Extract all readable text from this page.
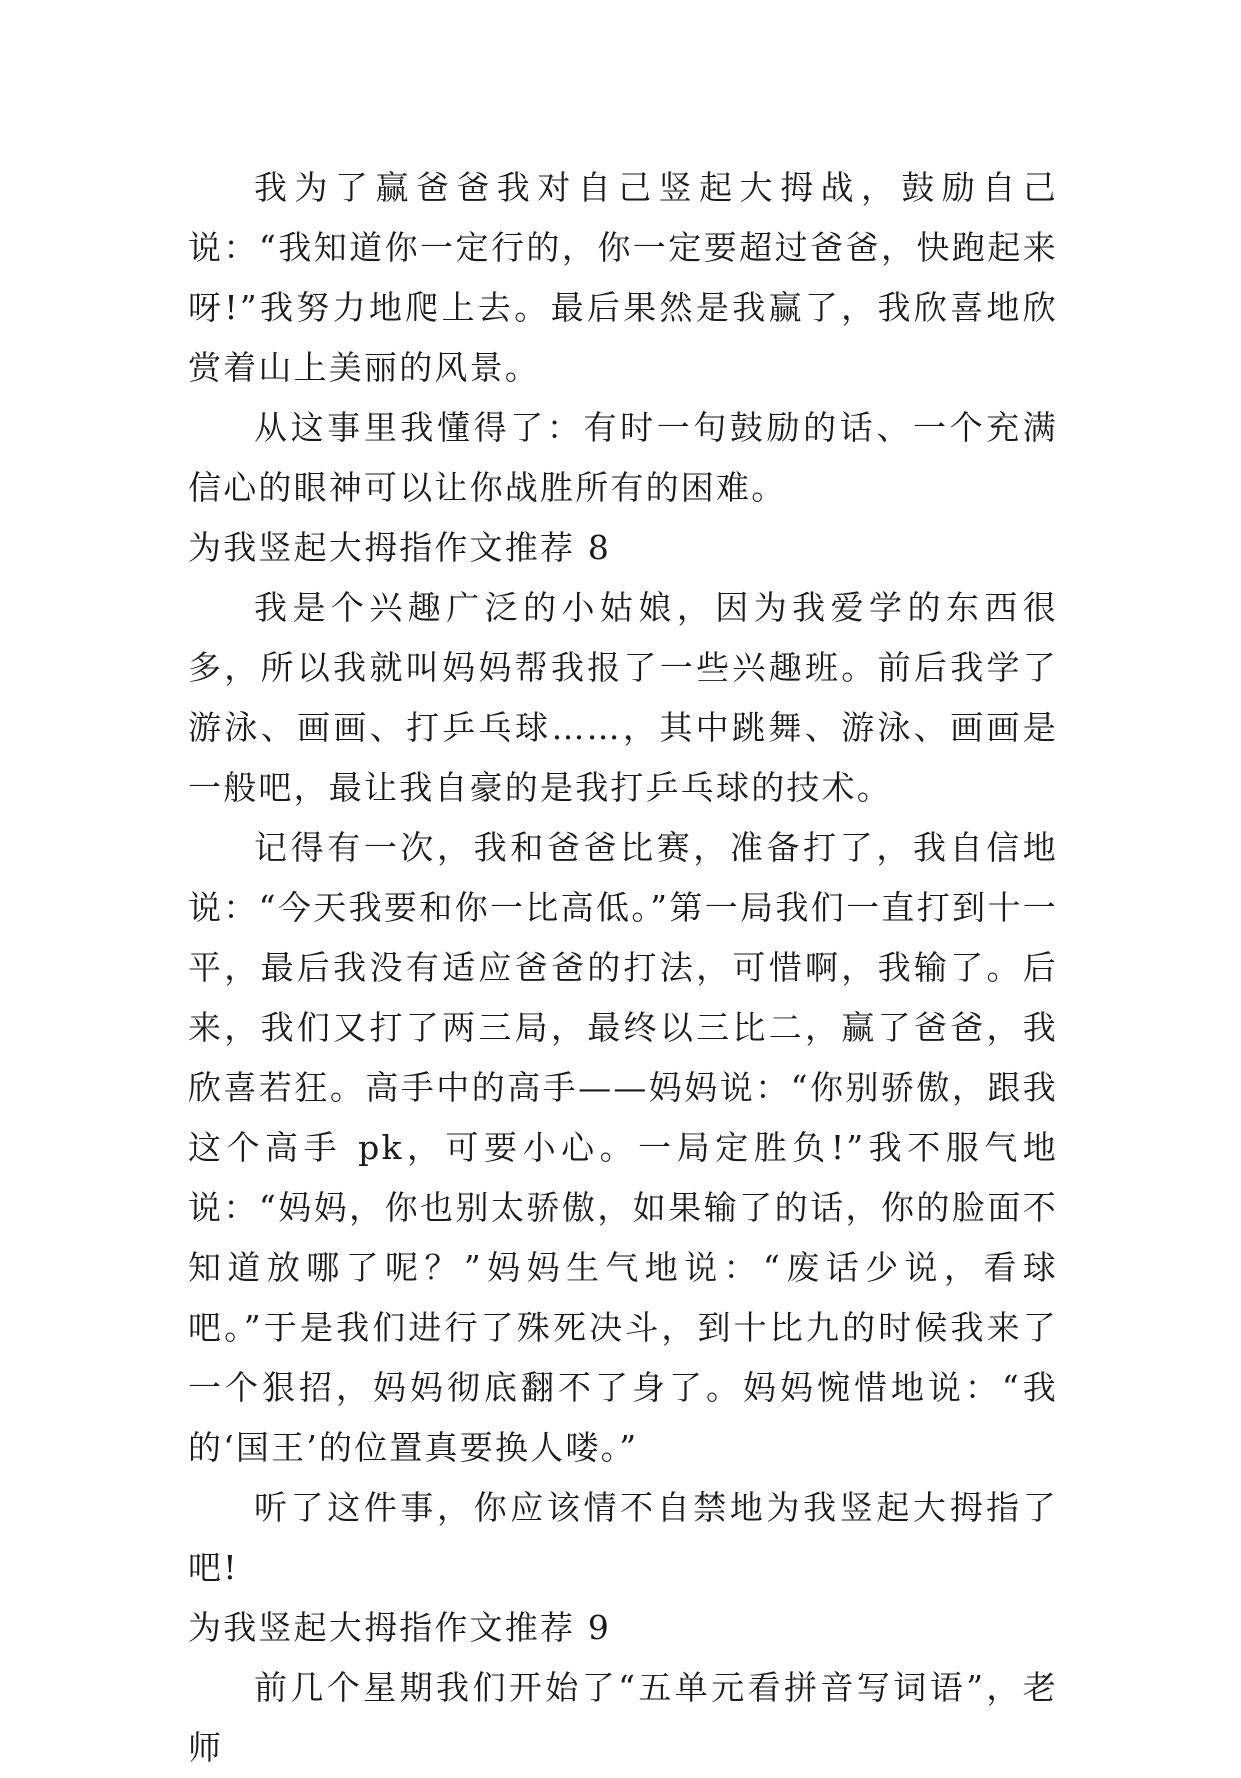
我为了赢爸爸我对自己竖起大拇战，鼓励自己说：“我知道你一定行的，你一定要超过爸爸，快跑起来呀!”我努力地爬上去。最后果然是我赢了，我欣喜地欣赏着山上美丽的风景。

从这事里我懂得了：有时一句鼓励的话、一个充满信心的眼神可以让你战胜所有的困难。

为我竖起大拇指作文推荐 8

我是个兴趣广泛的小姑娘，因为我爱学的东西很多，所以我就叫妈妈帮我报了一些兴趣班。前后我学了游泳、画画、打乒乓球……，其中跳舞、游泳、画画是一般吧，最让我自豪的是我打乒乓球的技术。

记得有一次，我和爸爸比赛，准备打了，我自信地说：“今天我要和你一比高低。”第一局我们一直打到十一平，最后我没有适应爸爸的打法，可惜啊，我输了。后来，我们又打了两三局，最终以三比二，赢了爸爸，我欣喜若狂。高手中的高手——妈妈说：“你别骄傲，跟我这个高手 pk，可要小心。一局定胜负!”我不服气地说：“妈妈，你也别太骄傲，如果输了的话，你的脸面不知道放哪了呢？”妈妈生气地说：“废话少说，看球吧。”于是我们进行了殊死决斗，到十比九的时候我来了一个狠招，妈妈彻底翻不了身了。妈妈惋惜地说：“我的‘国王’的位置真要换人喽。”

听了这件事，你应该情不自禁地为我竖起大拇指了吧!

为我竖起大拇指作文推荐 9

前几个星期我们开始了“五单元看拼音写词语”，老师
